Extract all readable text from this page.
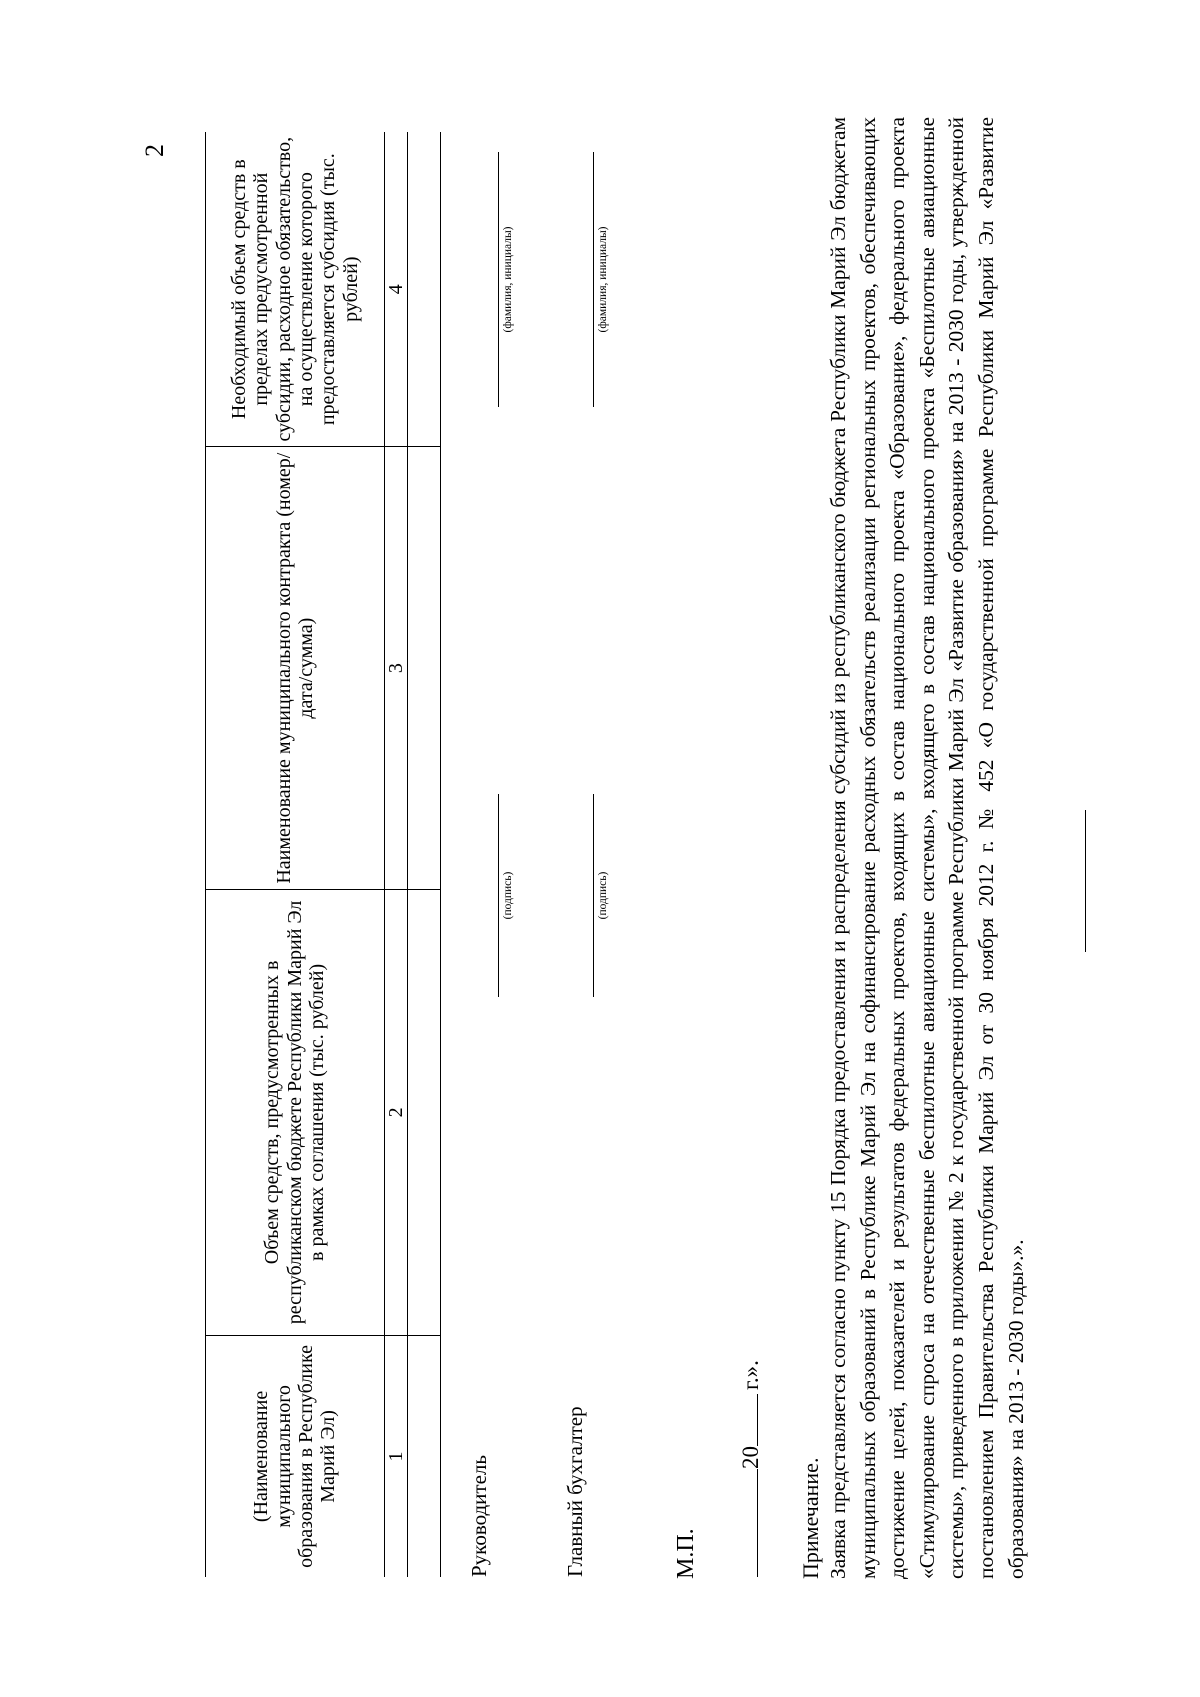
2
(Наименование муниципального образования в Республике Марий Эл)	Объем средств, предусмотренных в республиканском бюджете Республики Марий Эл в рамках соглашения (тыс. рублей)	Наименование муниципального контракта (номер/дата/сумма)	Необходимый объем средств в пределах предусмотренной субсидии, расходное обязательство, на осуществление которого предоставляется субсидия (тыс. рублей)
1	2	3	4

Руководитель
(подпись)
(фамилия, инициалы)
Главный бухгалтер
(подпись)
(фамилия, инициалы)
М.П.
20г.».
Примечание. Заявка представляется согласно пункту 15 Порядка предоставления и распределения субсидий из республиканского бюджета Республики Марий Эл бюджетам муниципальных образований в Республике Марий Эл на софинансирование расходных обязательств реализации региональных проектов, обеспечивающих достижение целей, показателей и результатов федеральных проектов, входящих в состав национального проекта «Образование», федерального проекта «Стимулирование спроса на отечественные беспилотные авиационные системы», входящего в состав национального проекта «Беспилотные авиационные системы», приведенного в приложении № 2 к государственной программе Республики Марий Эл «Развитие образования» на 2013 - 2030 годы, утвержденной постановлением Правительства Республики Марий Эл от 30 ноября 2012 г. № 452 «О государственной программе Республики Марий Эл «Развитие образования» на 2013 - 2030 годы».».
